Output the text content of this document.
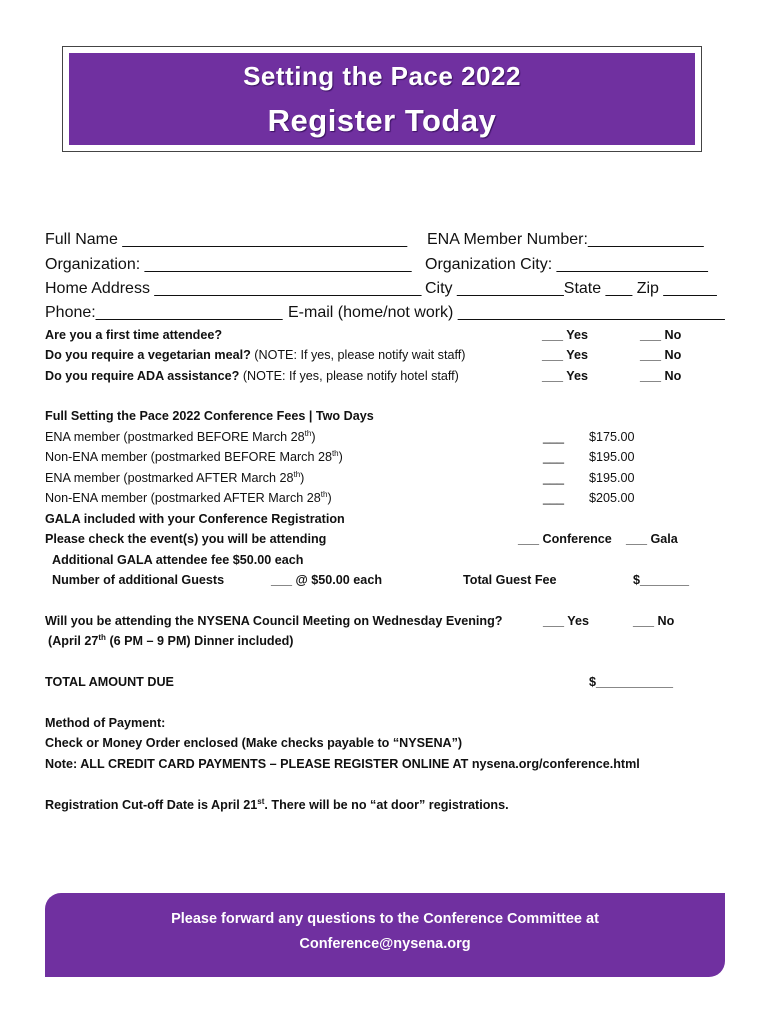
Setting the Pace 2022
Register Today
Full Name ________________________________ ENA Member Number:_____________
Organization: ______________________________ Organization City: _________________
Home Address ______________________________ City ____________State ___ Zip ______
Phone:_____________________ E-mail (home/not work) ______________________________
Are you a first time attendee?	___ Yes	___ No
Do you require a vegetarian meal? (NOTE: If yes, please notify wait staff)	___ Yes	___ No
Do you require ADA assistance? (NOTE: If yes, please notify hotel staff)	___ Yes	___ No
Full Setting the Pace 2022 Conference Fees | Two Days
ENA member (postmarked BEFORE March 28th)	___ $175.00
Non-ENA member (postmarked BEFORE March 28th)	___ $195.00
ENA member (postmarked AFTER March 28th)	___ $195.00
Non-ENA member (postmarked AFTER March 28th)	___ $205.00
GALA included with your Conference Registration
Please check the event(s) you will be attending	___ Conference ___ Gala
Additional GALA attendee fee $50.00 each
Number of additional Guests	___ @ $50.00 each	Total Guest Fee	$_______
Will you be attending the NYSENA Council Meeting on Wednesday Evening?	___ Yes	___ No
(April 27th (6 PM – 9 PM) Dinner included)
TOTAL AMOUNT DUE	$___________
Method of Payment:
Check or Money Order enclosed (Make checks payable to “NYSENA”)
Note: ALL CREDIT CARD PAYMENTS – PLEASE REGISTER ONLINE AT nysena.org/conference.html
Registration Cut-off Date is April 21st. There will be no “at door” registrations.
Please forward any questions to the Conference Committee at
Conference@nysena.org
